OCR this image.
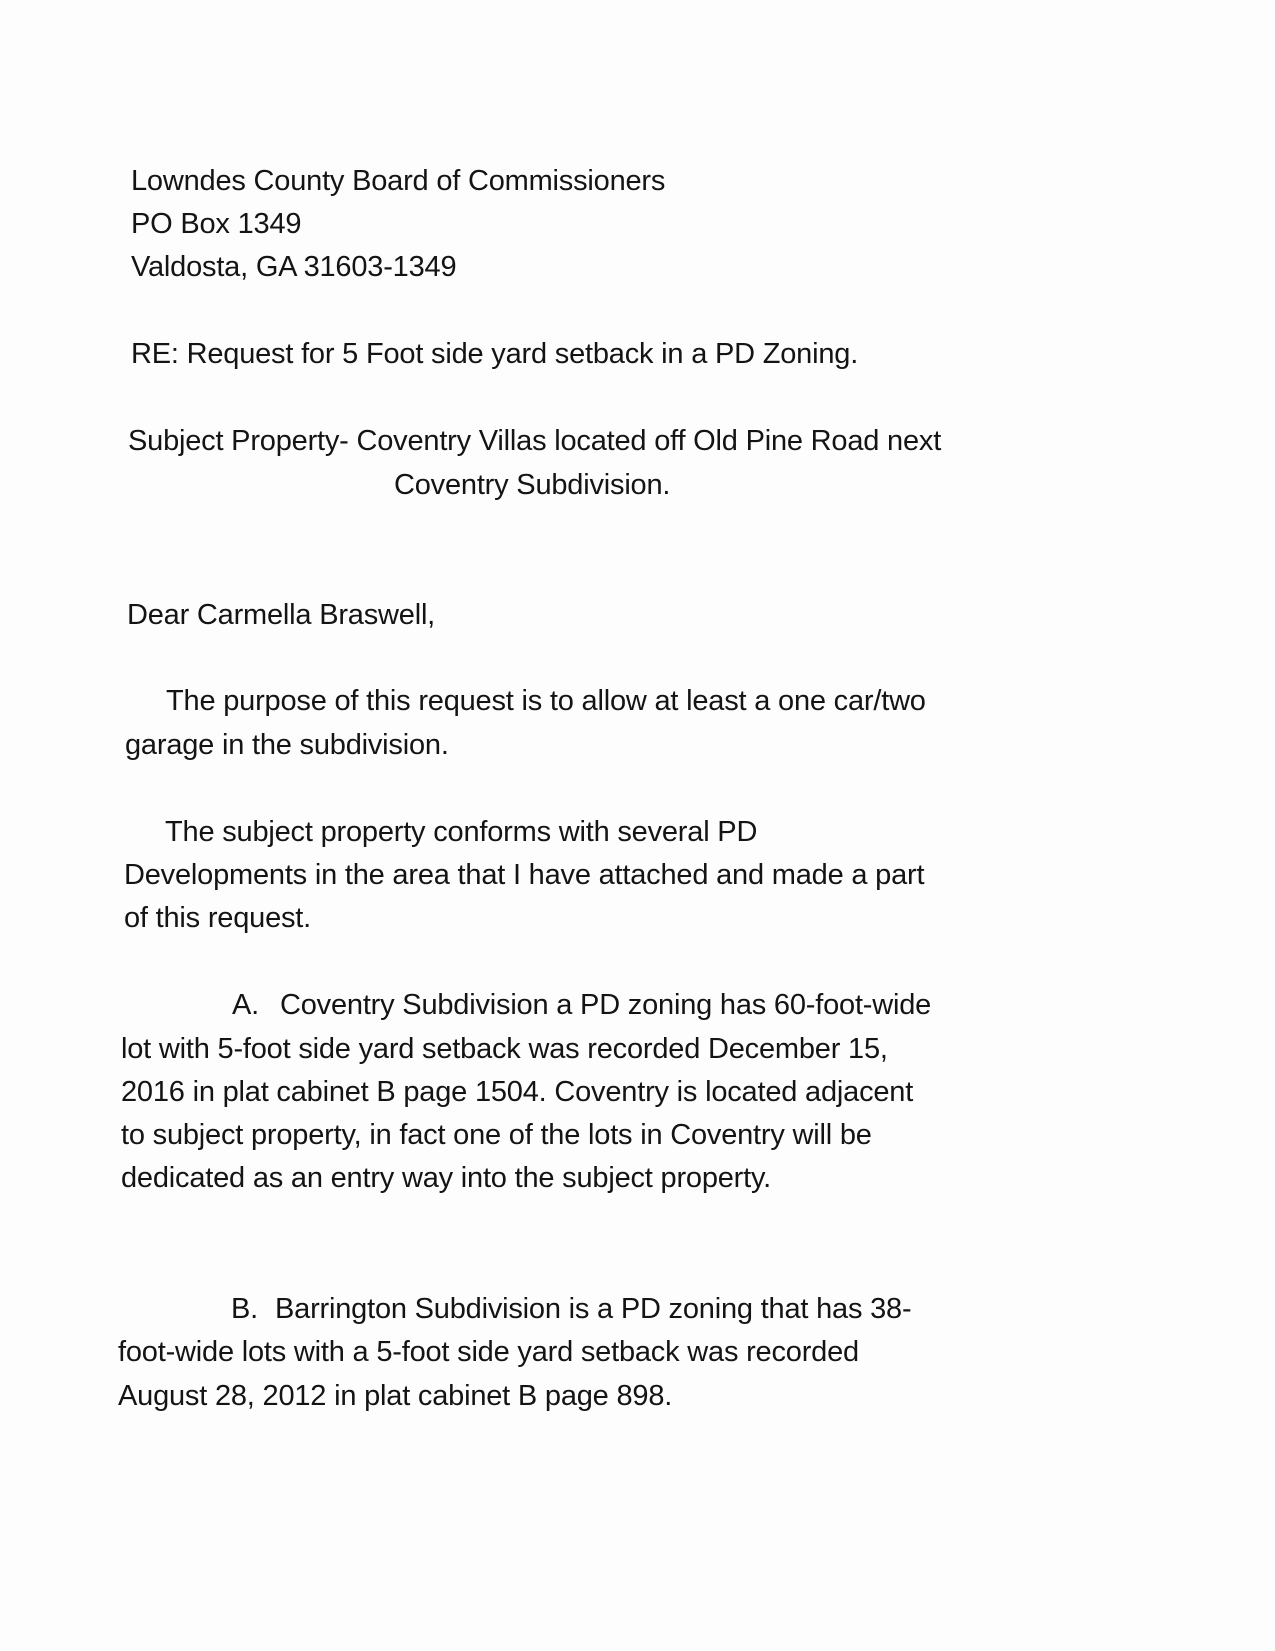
Lowndes County Board of Commissioners
PO Box 1349
Valdosta, GA 31603-1349
RE: Request for 5 Foot side yard setback in a PD Zoning.
Subject Property- Coventry Villas located off Old Pine Road next
Coventry Subdivision.
Dear Carmella Braswell,
The purpose of this request is to allow at least a one car/two
garage in the subdivision.
The subject property conforms with several PD
Developments in the area that I have attached and made a part
of this request.
A. Coventry Subdivision a PD zoning has 60-foot-wide
lot with 5-foot side yard setback was recorded December 15,
2016 in plat cabinet B page 1504. Coventry is located adjacent
to subject property, in fact one of the lots in Coventry will be
dedicated as an entry way into the subject property.
B. Barrington Subdivision is a PD zoning that has 38-
foot-wide lots with a 5-foot side yard setback was recorded
August 28, 2012 in plat cabinet B page 898.
